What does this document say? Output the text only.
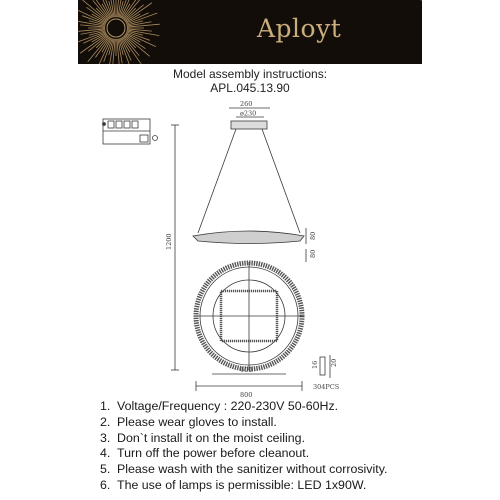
Aployt
Model assembly instructions:
APL.045.13.90
260
ø230
1200	80
80
600
800
20
16
304PCS
1. Voltage/Frequency : 220-230V 50-60Hz.
2. Please wear gloves to install.
3. Don`t install it on the moist ceiling.
4. Turn off the power before cleanout.
5. Please wash with the sanitizer without corrosivity.
6. The use of lamps is permissible: LED 1x90W.
